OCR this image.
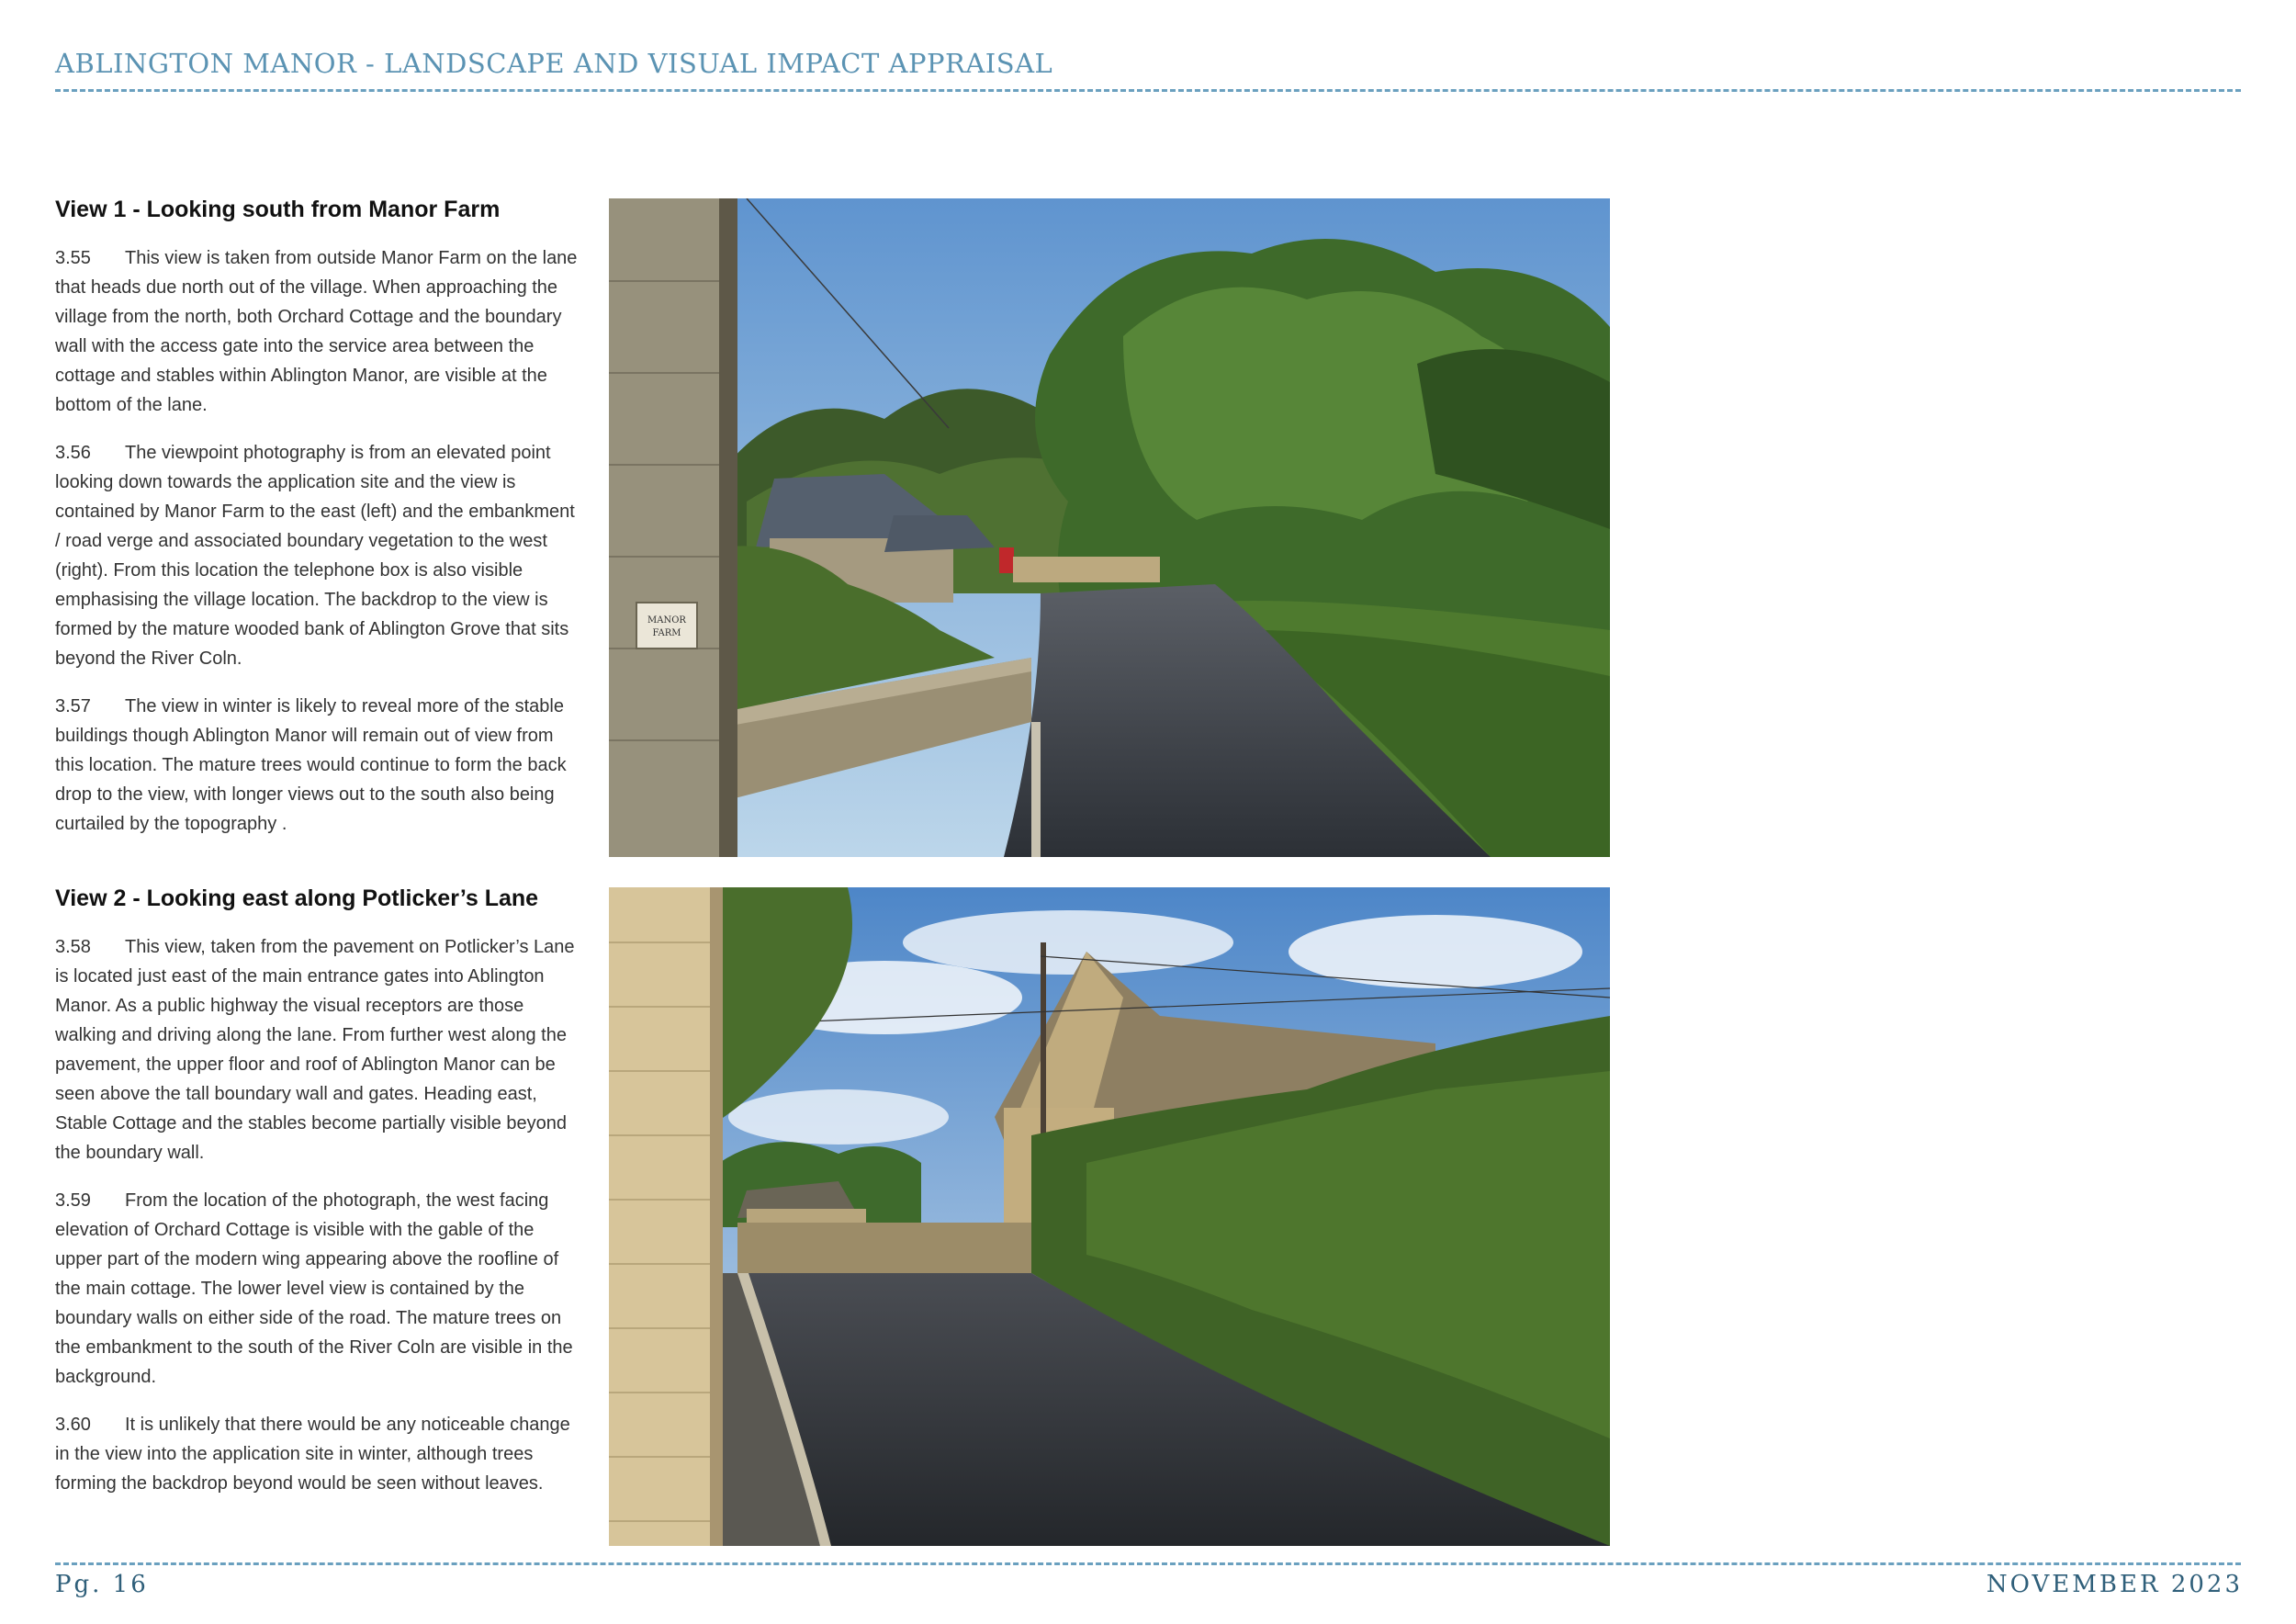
ABLINGTON MANOR - LANDSCAPE AND VISUAL IMPACT APPRAISAL
View 1 - Looking south from Manor Farm

3.55 This view is taken from outside Manor Farm on the lane that heads due north out of the village. When approaching the village from the north, both Orchard Cottage and the boundary wall with the access gate into the service area between the cottage and stables within Ablington Manor, are visible at the bottom of the lane.

3.56 The viewpoint photography is from an elevated point looking down towards the application site and the view is contained by Manor Farm to the east (left) and the embankment / road verge and associated boundary vegetation to the west (right). From this location the telephone box is also visible emphasising the village location. The backdrop to the view is formed by the mature wooded bank of Ablington Grove that sits beyond the River Coln.

3.57 The view in winter is likely to reveal more of the stable buildings though Ablington Manor will remain out of view from this location. The mature trees would continue to form the back drop to the view, with longer views out to the south also being curtailed by the topography .

MANOR
FARM
View 2 - Looking east along Potlicker’s Lane

3.58 This view, taken from the pavement on Potlicker’s Lane is located just east of the main entrance gates into Ablington Manor. As a public highway the visual receptors are those walking and driving along the lane. From further west along the pavement, the upper floor and roof of Ablington Manor can be seen above the tall boundary wall and gates. Heading east, Stable Cottage and the stables become partially visible beyond the boundary wall.

3.59 From the location of the photograph, the west facing elevation of Orchard Cottage is visible with the gable of the upper part of the modern wing appearing above the roofline of the main cottage. The lower level view is contained by the boundary walls on either side of the road. The mature trees on the embankment to the south of the River Coln are visible in the background.

3.60 It is unlikely that there would be any noticeable change in the view into the application site in winter, although trees forming the backdrop beyond would be seen without leaves.

Pg. 16	NOVEMBER 2023
